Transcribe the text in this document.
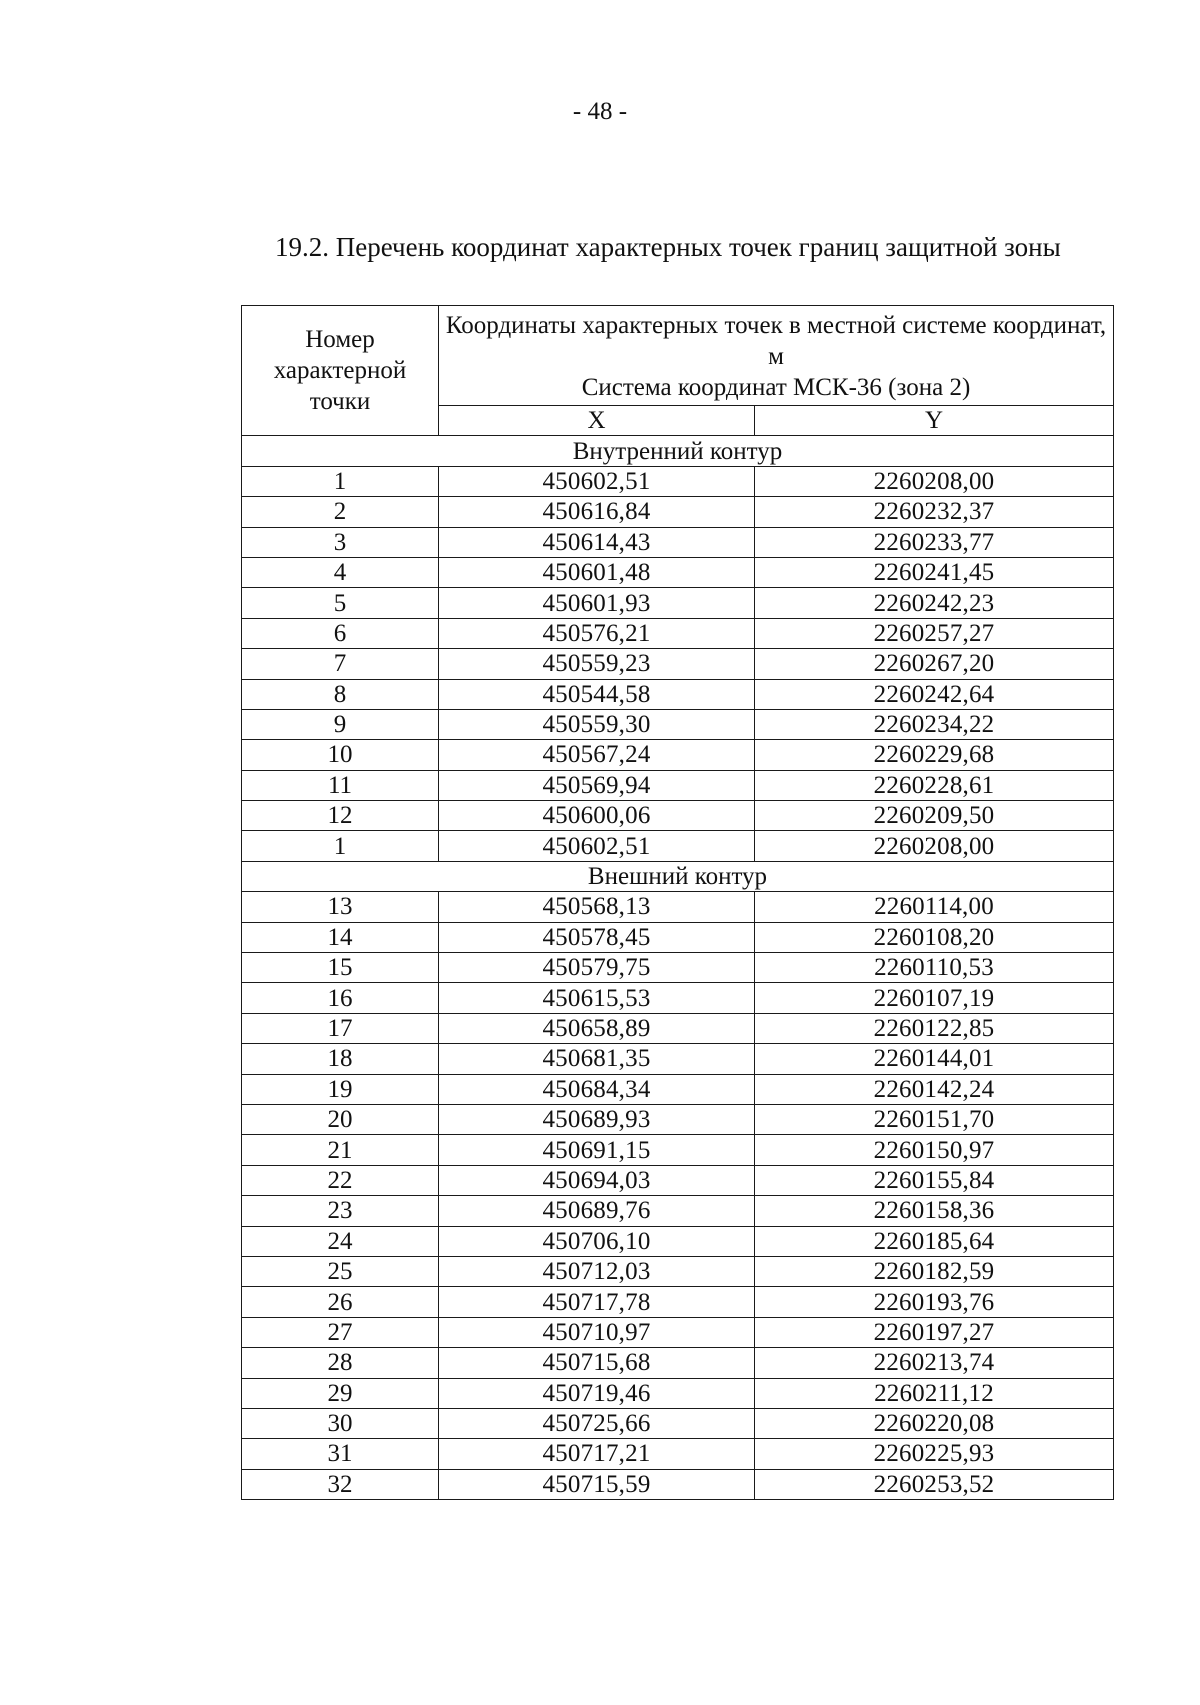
- 48 -
19.2. Перечень координат характерных точек границ защитной зоны
Номер характерной точки	Координаты характерных точек в местной системе координат, м
Система координат МСК-36 (зона 2)	

	X	Y
Внутренний контур		
1	450602,51	2260208,00
2	450616,84	2260232,37
3	450614,43	2260233,77
4	450601,48	2260241,45
5	450601,93	2260242,23
6	450576,21	2260257,27
7	450559,23	2260267,20
8	450544,58	2260242,64
9	450559,30	2260234,22
10	450567,24	2260229,68
11	450569,94	2260228,61
12	450600,06	2260209,50
1	450602,51	2260208,00
Внешний контур		
13	450568,13	2260114,00
14	450578,45	2260108,20
15	450579,75	2260110,53
16	450615,53	2260107,19
17	450658,89	2260122,85
18	450681,35	2260144,01
19	450684,34	2260142,24
20	450689,93	2260151,70
21	450691,15	2260150,97
22	450694,03	2260155,84
23	450689,76	2260158,36
24	450706,10	2260185,64
25	450712,03	2260182,59
26	450717,78	2260193,76
27	450710,97	2260197,27
28	450715,68	2260213,74
29	450719,46	2260211,12
30	450725,66	2260220,08
31	450717,21	2260225,93
32	450715,59	2260253,52
